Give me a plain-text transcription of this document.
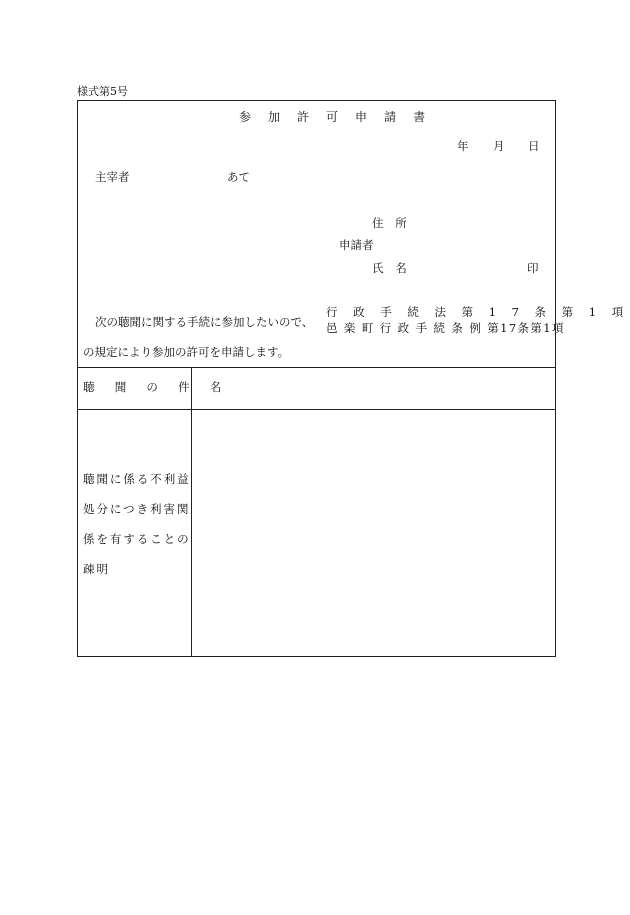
様式第5号
参 加 許 可 申 請 書
年 月 日
主宰者	あて
住 所
申請者
氏 名	印
次の聴聞に関する手続に参加したいので、
行 政 手 続 法 第 1 7 条 第 1 項
邑 楽 町 行 政 手 続 条 例 第17条第1項
の規定により参加の許可を申請します。
聴 聞 の 件 名
聴聞に係る不利益
処分につき利害関
係を有することの
疎明
